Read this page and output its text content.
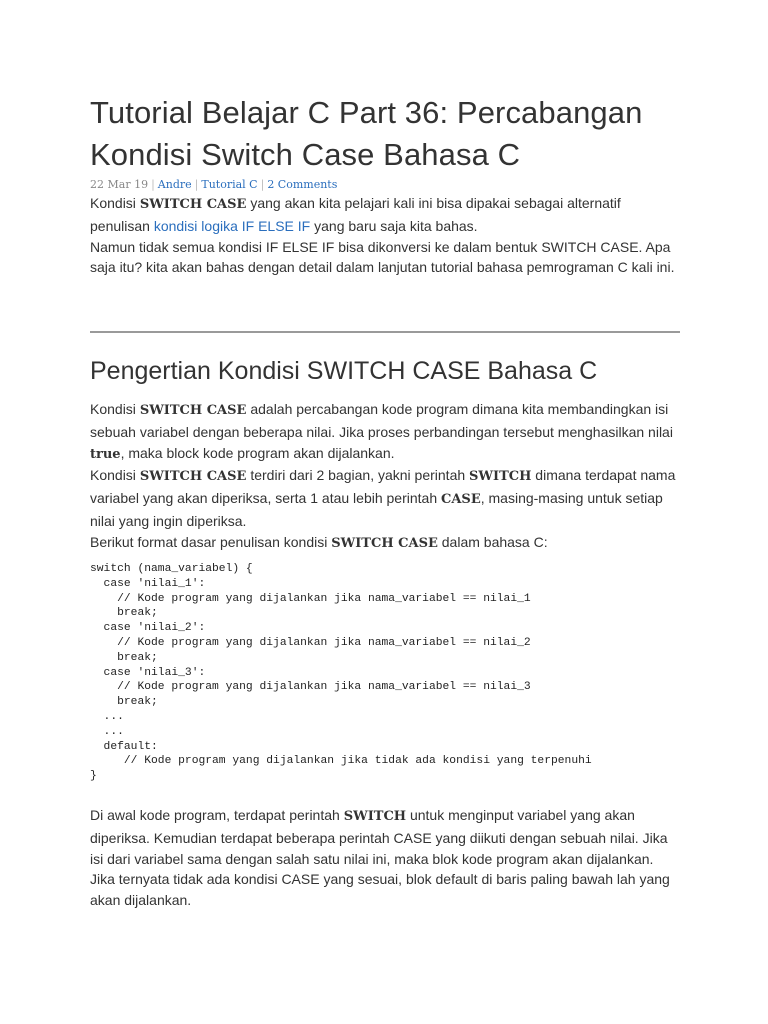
Tutorial Belajar C Part 36: Percabangan Kondisi Switch Case Bahasa C
22 Mar 19 | Andre | Tutorial C | 2 Comments
Kondisi SWITCH CASE yang akan kita pelajari kali ini bisa dipakai sebagai alternatif penulisan kondisi logika IF ELSE IF yang baru saja kita bahas.
Namun tidak semua kondisi IF ELSE IF bisa dikonversi ke dalam bentuk SWITCH CASE. Apa saja itu? kita akan bahas dengan detail dalam lanjutan tutorial bahasa pemrograman C kali ini.
Pengertian Kondisi SWITCH CASE Bahasa C
Kondisi SWITCH CASE adalah percabangan kode program dimana kita membandingkan isi sebuah variabel dengan beberapa nilai. Jika proses perbandingan tersebut menghasilkan nilai true, maka block kode program akan dijalankan.
Kondisi SWITCH CASE terdiri dari 2 bagian, yakni perintah SWITCH dimana terdapat nama variabel yang akan diperiksa, serta 1 atau lebih perintah CASE, masing-masing untuk setiap nilai yang ingin diperiksa.
Berikut format dasar penulisan kondisi SWITCH CASE dalam bahasa C:
switch (nama_variabel) {
case 'nilai_1':
// Kode program yang dijalankan jika nama_variabel == nilai_1
break;
case 'nilai_2':
// Kode program yang dijalankan jika nama_variabel == nilai_2
break;
case 'nilai_3':
// Kode program yang dijalankan jika nama_variabel == nilai_3
break;
...
...
default:
// Kode program yang dijalankan jika tidak ada kondisi yang terpenuhi
}
Di awal kode program, terdapat perintah SWITCH untuk menginput variabel yang akan diperiksa. Kemudian terdapat beberapa perintah CASE yang diikuti dengan sebuah nilai. Jika isi dari variabel sama dengan salah satu nilai ini, maka blok kode program akan dijalankan. Jika ternyata tidak ada kondisi CASE yang sesuai, blok default di baris paling bawah lah yang akan dijalankan.
